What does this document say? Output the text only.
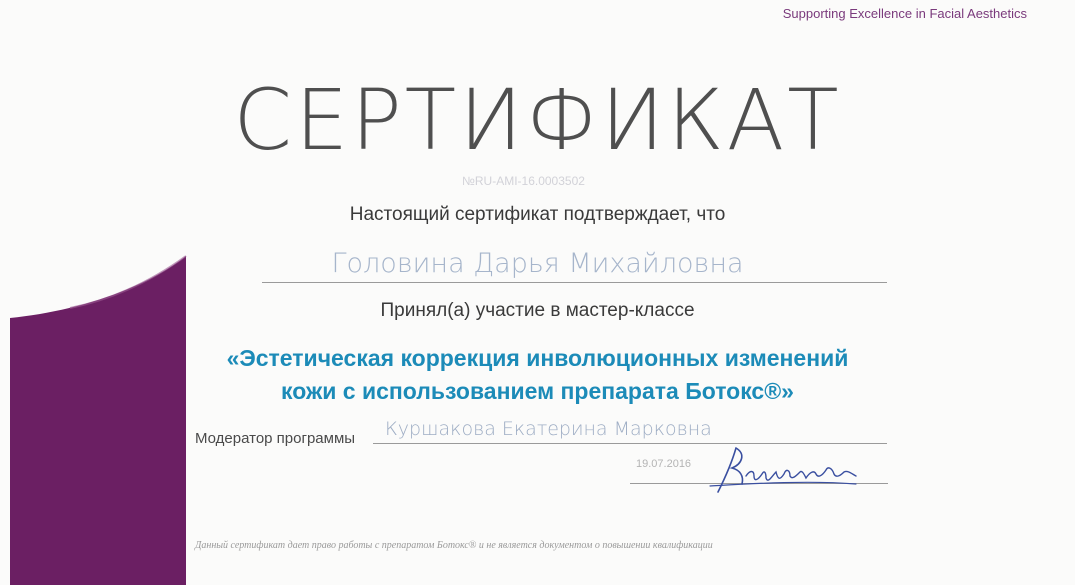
Supporting Excellence in Facial Aesthetics
СЕРТИФИКАТ
№RU-AMI-16.0003502
Настоящий сертификат подтверждает, что
Головина Дарья Михайловна
Принял(а) участие в мастер-классе
«Эстетическая коррекция инволюционных изменений
кожи с использованием препарата Ботокс®»
Модератор программы Куршакова Екатерина Марковна
19.07.2016
Данный сертификат дает право работы с препаратом Ботокс® и не является документом о повышении квалификации
